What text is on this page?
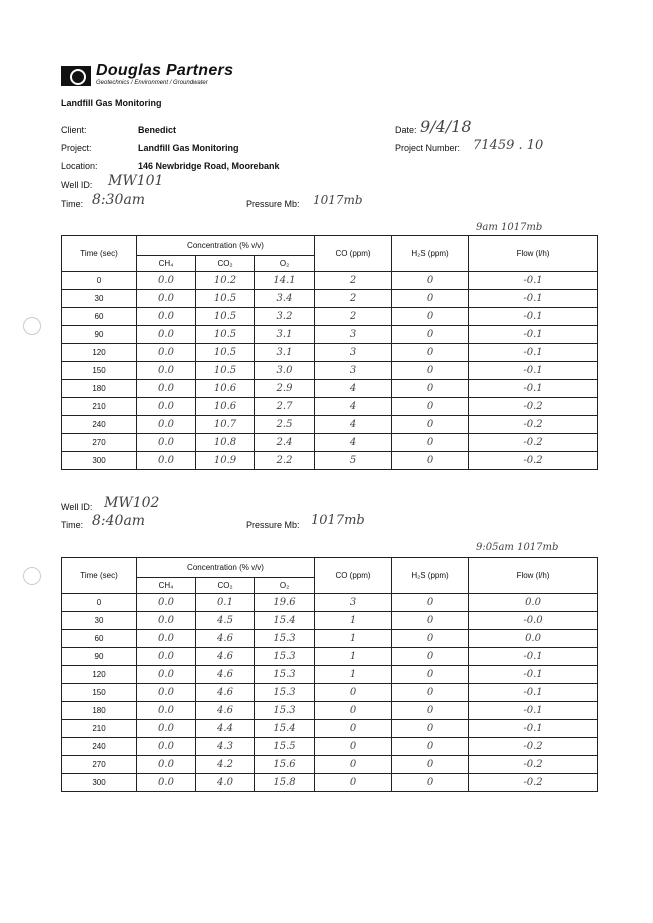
Douglas Partners
Geotechnics / Environment / Groundwater
Landfill Gas Monitoring
Client:	Benedict
Project:	Landfill Gas Monitoring
Location:	146 Newbridge Road, Moorebank
Date: 9/4/18
Project Number: 71459 . 10
Well ID: MW101
Time: 8:30am	Pressure Mb: 1017mb
9am 1017mb
Time (sec)	Concentration (% v/v)			CO (ppm)	H₂S (ppm)	Flow (l/h)
	CH₄	CO₂	O₂			
0	0.0	10.2	14.1	2	0	-0.1
30	0.0	10.5	3.4	2	0	-0.1
60	0.0	10.5	3.2	2	0	-0.1
90	0.0	10.5	3.1	3	0	-0.1
120	0.0	10.5	3.1	3	0	-0.1
150	0.0	10.5	3.0	3	0	-0.1
180	0.0	10.6	2.9	4	0	-0.1
210	0.0	10.6	2.7	4	0	-0.2
240	0.0	10.7	2.5	4	0	-0.2
270	0.0	10.8	2.4	4	0	-0.2
300	0.0	10.9	2.2	5	0	-0.2
Well ID: MW102
Time: 8:40am	Pressure Mb: 1017mb
9:05am 1017mb
Time (sec)	Concentration (% v/v)			CO (ppm)	H₂S (ppm)	Flow (l/h)
	CH₄	CO₂	O₂			
0	0.0	0.1	19.6	3	0	0.0
30	0.0	4.5	15.4	1	0	-0.0
60	0.0	4.6	15.3	1	0	0.0
90	0.0	4.6	15.3	1	0	-0.1
120	0.0	4.6	15.3	1	0	-0.1
150	0.0	4.6	15.3	0	0	-0.1
180	0.0	4.6	15.3	0	0	-0.1
210	0.0	4.4	15.4	0	0	-0.1
240	0.0	4.3	15.5	0	0	-0.2
270	0.0	4.2	15.6	0	0	-0.2
300	0.0	4.0	15.8	0	0	-0.2
